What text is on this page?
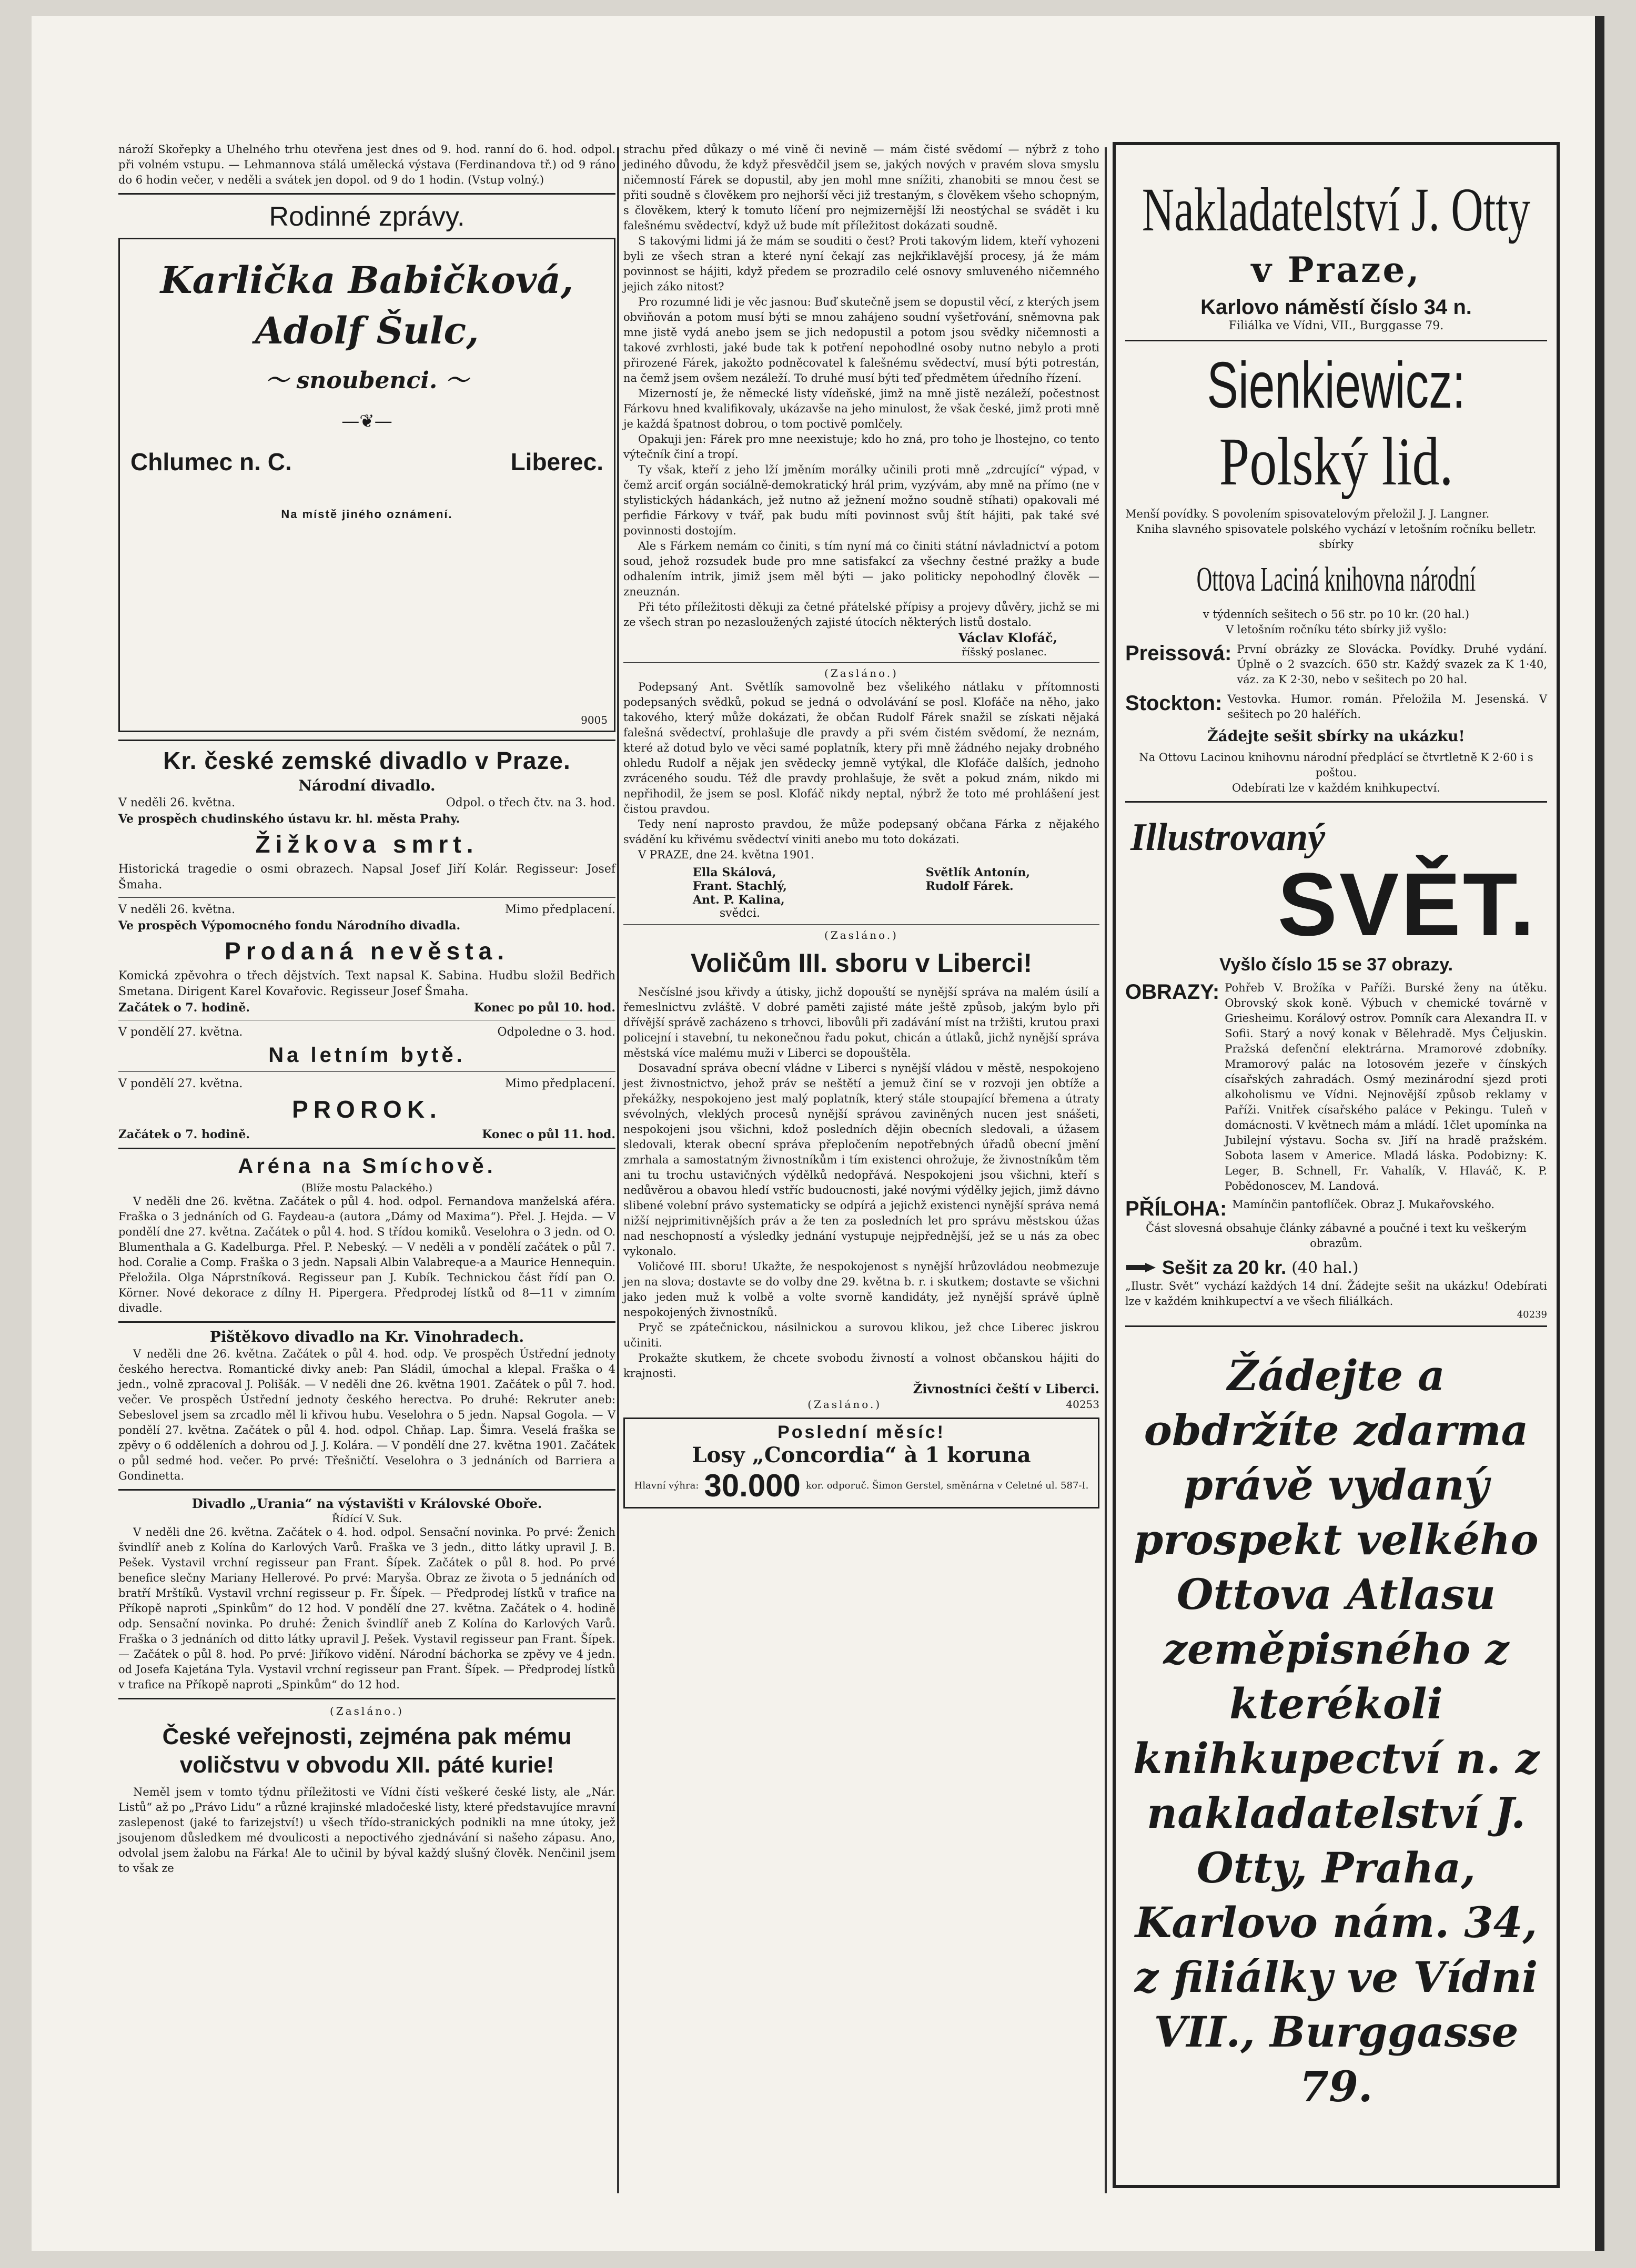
nároží Skořepky a Uhelného trhu otevřena jest dnes od 9. hod. ranní do 6. hod. odpol. při volném vstupu. — Lehmannova stálá umělecká výstava (Ferdinandova tř.) od 9 ráno do 6 hodin večer, v neděli a svátek jen dopol. od 9 do 1 hodin. (Vstup volný.)

Rodinné zprávy.
Karlička Babičková,
Adolf Šulc,
〜 snoubenci. 〜
—❦—
Chlumec n. C.	Liberec.
Na místě jiného oznámení.
9005
Kr. české zemské divadlo v Praze.
Národní divadlo.
V neděli 26. května.	Odpol. o třech čtv. na 3. hod.
Ve prospěch chudinského ústavu kr. hl. města Prahy.
Žižkova smrt.

Historická tragedie o osmi obrazech. Napsal Josef Jiří Kolár. Regisseur: Josef Šmaha.

V neděli 26. května.	Mimo předplacení.
Ve prospěch Výpomocného fondu Národního divadla.
Prodaná nevěsta.

Komická zpěvohra o třech dějstvích. Text napsal K. Sabina. Hudbu složil Bedřich Smetana. Dirigent Karel Kovařovic. Regisseur Josef Šmaha.

Začátek o 7. hodině.	Konec po půl 10. hod.
V pondělí 27. května.	Odpoledne o 3. hod.
Na letním bytě.
V pondělí 27. května.	Mimo předplacení.
PROROK.
Začátek o 7. hodině.	Konec o půl 11. hod.
Aréna na Smíchově.
(Blíže mostu Palackého.)

V neděli dne 26. května. Začátek o půl 4. hod. odpol. Fernandova manželská aféra. Fraška o 3 jednáních od G. Faydeau-a (autora „Dámy od Maxima“). Přel. J. Hejda. — V pondělí dne 27. května. Začátek o půl 4. hod. S třídou komiků. Veselohra o 3 jedn. od O. Blumenthala a G. Kadelburga. Přel. P. Nebeský. — V neděli a v pondělí začátek o půl 7. hod. Coralie a Comp. Fraška o 3 jedn. Napsali Albin Valabreque-a a Maurice Hennequin. Přeložila. Olga Náprstníková. Regisseur pan J. Kubík. Technickou část řídí pan O. Körner. Nové dekorace z dílny H. Pipergera. Předprodej lístků od 8—11 v zimním divadle.

Pištěkovo divadlo na Kr. Vinohradech.

V neděli dne 26. května. Začátek o půl 4. hod. odp. Ve prospěch Ústřední jednoty českého herectva. Romantické divky aneb: Pan Sládil, úmochal a klepal. Fraška o 4 jedn., volně zpracoval J. Polišák. — V neděli dne 26. května 1901. Začátek o půl 7. hod. večer. Ve prospěch Ústřední jednoty českého herectva. Po druhé: Rekruter aneb: Sebeslovel jsem sa zrcadlo měl li křivou hubu. Veselohra o 5 jedn. Napsal Gogola. — V pondělí 27. května. Začátek o půl 4. hod. odpol. Chňap. Lap. Šimra. Veselá fraška se zpěvy o 6 odděleních a dohrou od J. J. Kolára. — V pondělí dne 27. května 1901. Začátek o půl sedmé hod. večer. Po prvé: Třešničtí. Veselohra o 3 jednáních od Barriera a Gondinetta.

Divadlo „Urania“ na výstavišti v Královské Oboře.
Řídící V. Suk.

V neděli dne 26. května. Začátek o 4. hod. odpol. Sensační novinka. Po prvé: Ženich švindlíř aneb z Kolína do Karlových Varů. Fraška ve 3 jedn., ditto látky upravil J. B. Pešek. Vystavil vrchní regisseur pan Frant. Šípek. Začátek o půl 8. hod. Po prvé benefice slečny Mariany Hellerové. Po prvé: Maryša. Obraz ze života o 5 jednáních od bratří Mrštíků. Vystavil vrchní regisseur p. Fr. Šípek. — Předprodej lístků v trafice na Příkopě naproti „Spinkům“ do 12 hod. V pondělí dne 27. května. Začátek o 4. hodině odp. Sensační novinka. Po druhé: Ženich švindlíř aneb Z Kolína do Karlových Varů. Fraška o 3 jednáních od ditto látky upravil J. Pešek. Vystavil regisseur pan Frant. Šípek. — Začátek o půl 8. hod. Po prvé: Jiříkovo vidění. Národní báchorka se zpěvy ve 4 jedn. od Josefa Kajetána Tyla. Vystavil vrchní regisseur pan Frant. Šípek. — Předprodej lístků v trafice na Příkopě naproti „Spinkům“ do 12 hod.

(Zasláno.)
České veřejnosti, zejména pak mému voličstvu v obvodu XII. páté kurie!

Neměl jsem v tomto týdnu příležitosti ve Vídni čísti veškeré české listy, ale „Nár. Listů“ až po „Právo Lidu“ a různé krajinské mladočeské listy, které představujíce mravní zaslepenost (jaké to farizejství!) u všech třído-stranických podnikli na mne útoky, jež jsoujenom důsledkem mé dvoulicosti a nepoctivého zjednávání si našeho zápasu. Ano, odvolal jsem žalobu na Fárka! Ale to učinil by býval každý slušný člověk. Nenčinil jsem to však ze

strachu před důkazy o mé vině či nevině — mám čisté svědomí — nýbrž z toho jediného důvodu, že když přesvědčil jsem se, jakých nových v pravém slova smyslu ničemností Fárek se dopustil, aby jen mohl mne snížiti, zhanobiti se mnou čest se přiti soudně s člověkem pro nejhorší věci již trestaným, s člověkem všeho schopným, s člověkem, který k tomuto líčení pro nejmizernější lži neostýchal se svádět i ku falešnému svědectví, když už bude mít příležitost dokázati soudně.

S takovými lidmi já že mám se souditi o čest? Proti takovým lidem, kteří vyhozeni byli ze všech stran a které nyní čekají zas nejkřiklavější procesy, já že mám povinnost se hájiti, když předem se prozradilo celé osnovy smluveného ničemného jejich záko nitost?

Pro rozumné lidi je věc jasnou: Buď skutečně jsem se dopustil věcí, z kterých jsem obviňován a potom musí býti se mnou zahájeno soudní vyšetřování, sněmovna pak mne jistě vydá anebo jsem se jich nedopustil a potom jsou svědky ničemnosti a takové zvrhlosti, jaké bude tak k potření nepohodlné osoby nutno nebylo a proti přirozené Fárek, jakožto podněcovatel k falešnému svědectví, musí býti potrestán, na čemž jsem ovšem nezáleží. To druhé musí býti teď předmětem úředního řízení.

Mizerností je, že německé listy vídeňské, jimž na mně jistě nezáleží, počestnost Fárkovu hned kvalifikovaly, ukázavše na jeho minulost, že však české, jimž proti mně je každá špatnost dobrou, o tom poctivě pomlčely.

Opakuji jen: Fárek pro mne neexistuje; kdo ho zná, pro toho je lhostejno, co tento výtečník činí a tropí.

Ty však, kteří z jeho lží jměním morálky učinili proti mně „zdrcující“ výpad, v čemž arciť orgán sociálně-demokratický hrál prim, vyzývám, aby mně na přímo (ne v stylistických hádankách, jež nutno až ježnení možno soudně stíhati) opakovali mé perfidie Fárkovy v tvář, pak budu míti povinnost svůj štít hájiti, pak také své povinnosti dostojím.

Ale s Fárkem nemám co činiti, s tím nyní má co činiti státní návladnictví a potom soud, jehož rozsudek bude pro mne satisfakcí za všechny čestné pražky a bude odhalením intrik, jimiž jsem měl býti — jako politicky nepohodlný člověk — zneuznán.

Při této příležitosti děkuji za četné přátelské přípisy a projevy důvěry, jichž se mi ze všech stran po nezasloužených zajisté útocích některých listů dostalo.

Václav Klofáč,
říšský poslanec.
(Zasláno.)

Podepsaný Ant. Světlík samovolně bez všelikého nátlaku v přítomnosti podepsaných svědků, pokud se jedná o odvolávání se posl. Klofáče na něho, jako takového, který může dokázati, že občan Rudolf Fárek snažil se získati nějaká falešná svědectví, prohlašuje dle pravdy a při svém čistém svědomí, že neznám, které až dotud bylo ve věci samé poplatník, ktery při mně žádného nejaky drobného ohledu Rudolf a nějak jen svědecky jemně vytýkal, dle Klofáče dalších, jednoho zvráceného soudu. Též dle pravdy prohlašuje, že svět a pokud znám, nikdo mi nepřihodil, že jsem se posl. Klofáč nikdy neptal, nýbrž že toto mé prohlášení jest čistou pravdou.

Tedy není naprosto pravdou, že může podepsaný občana Fárka z nějakého svádění ku křivému svědectví viniti anebo mu toto dokázati.

V PRAZE, dne 24. května 1901.

Ella Skálová,
Frant. Stachlý,
Ant. P. Kalina,
svědci.
Světlík Antonín,
Rudolf Fárek.
(Zasláno.)
Voličům III. sboru v Liberci!

Nesčíslné jsou křivdy a útisky, jichž dopouští se nynější správa na malém úsilí a řemeslnictvu zvláště. V dobré paměti zajisté máte ještě způsob, jakým bylo při dřívější správě zacházeno s trhovci, libovůli při zadávání míst na tržišti, krutou praxi policejní i stavební, tu nekonečnou řadu pokut, chicán a útlaků, jichž nynější správa městská více malému muži v Liberci se dopouštěla.

Dosavadní správa obecní vládne v Liberci s nynější vládou v městě, nespokojeno jest živnostnictvo, jehož práv se neštětí a jemuž činí se v rozvoji jen obtíže a překážky, nespokojeno jest malý poplatník, který stále stoupající břemena a útraty svévolných, vleklých procesů nynější správou zaviněných nucen jest snášeti, nespokojeni jsou všichni, kdož posledních dějin obecních sledovali, a úžasem sledovali, kterak obecní správa přepločením nepotřebných úřadů obecní jmění zmrhala a samostatným živnostníkům i tím existenci ohrožuje, že živnostníkům těm ani tu trochu ustavičných výdělků nedopřává. Nespokojeni jsou všichni, kteří s nedůvěrou a obavou hledí vstříc budoucnosti, jaké novými výdělky jejich, jimž dávno slibené volební právo systematicky se odpírá a jejichž existenci nynější správa nemá nižší nejprimitivnějších práv a že ten za posledních let pro správu městskou úžas nad neschopností a výsledky jednání vystupuje nejpřednější, jež se u nás za obec vykonalo.

Voličové III. sboru! Ukažte, že nespokojenost s nynější hrůzovládou neobmezuje jen na slova; dostavte se do volby dne 29. května b. r. i skutkem; dostavte se všichni jako jeden muž k volbě a volte svorně kandidáty, jež nynější správě úplně nespokojených živnostníků.

Pryč se zpátečnickou, násilnickou a surovou klikou, jež chce Liberec jiskrou učiniti.

Prokažte skutkem, že chcete svobodu živností a volnost občanskou hájiti do krajnosti.

Živnostníci čeští v Liberci.
(Zasláno.)	40253
Poslední měsíc!
Losy „Concordia“ à 1 koruna
Hlavní výhra: 30.000 kor. odporuč. Šimon Gerstel, směnárna v Celetné ul. 587-I.
Nakladatelství J. Otty
v Praze,
Karlovo náměstí číslo 34 n.
Filiálka ve Vídni, VII., Burggasse 79.
Sienkiewicz:
Polský lid.

Menší povídky. S povolením spisovatelovým přeložil J. J. Langner.

Kniha slavného spisovatele polského vychází v letošním ročníku belletr. sbírky

Ottova Laciná knihovna národní

v týdenních sešitech o 56 str. po 10 kr. (20 hal.)

V letošním ročníku této sbírky již vyšlo:

Preissová: První obrázky ze Slovácka. Povídky. Druhé vydání. Úplně o 2 svazcích. 650 str. Každý svazek za K 1·40, váz. za K 2·30, nebo v sešitech po 20 hal.

Stockton: Vestovka. Humor. román. Přeložila M. Jesenská. V sešitech po 20 haléřích.

Žádejte sešit sbírky na ukázku!

Na Ottovu Lacinou knihovnu národní předplácí se čtvrtletně K 2·60 i s poštou.

Odebírati lze v každém knihkupectví.

Illustrovaný
SVĚT.
Vyšlo číslo 15 se 37 obrazy.
OBRAZY: Pohřeb V. Brožíka v Paříži. Burské ženy na útěku. Obrovský skok koně. Výbuch v chemické továrně v Griesheimu. Korálový ostrov. Pomník cara Alexandra II. v Sofii. Starý a nový konak v Bělehradě. Mys Čeljuskin. Pražská defenční elektrárna. Mramorové zdobníky. Mramorový palác na lotosovém jezeře v čínských císařských zahradách. Osmý mezinárodní sjezd proti alkoholismu ve Vídni. Nejnovější způsob reklamy v Paříži. Vnitřek císařského paláce v Pekingu. Tuleň v domácnosti. V květnech mám a mládí. 1člet upomínka na Jubilejní výstavu. Socha sv. Jiří na hradě pražském. Sobota lasem v Americe. Mladá láska. Podobizny: K. Leger, B. Schnell, Fr. Vahalík, V. Hlaváč, K. P. Pobědonoscev, M. Landová.

PŘÍLOHA: Mamínčin pantoflíček. Obraz J. Mukařovského.

Část slovesná obsahuje články zábavné a poučné i text ku veškerým obrazům.

Sešit za 20 kr. (40 hal.)

„Ilustr. Svět“ vychází každých 14 dní. Žádejte sešit na ukázku! Odebírati lze v každém knihkupectví a ve všech filiálkách.

40239
Žádejte a obdržíte zdarma právě vydaný prospekt velkého Ottova Atlasu zeměpisného z kterékoli knihkupectví n. z nakladatelství J. Otty, Praha, Karlovo nám. 34, z filiálky ve Vídni VII., Burggasse 79.
